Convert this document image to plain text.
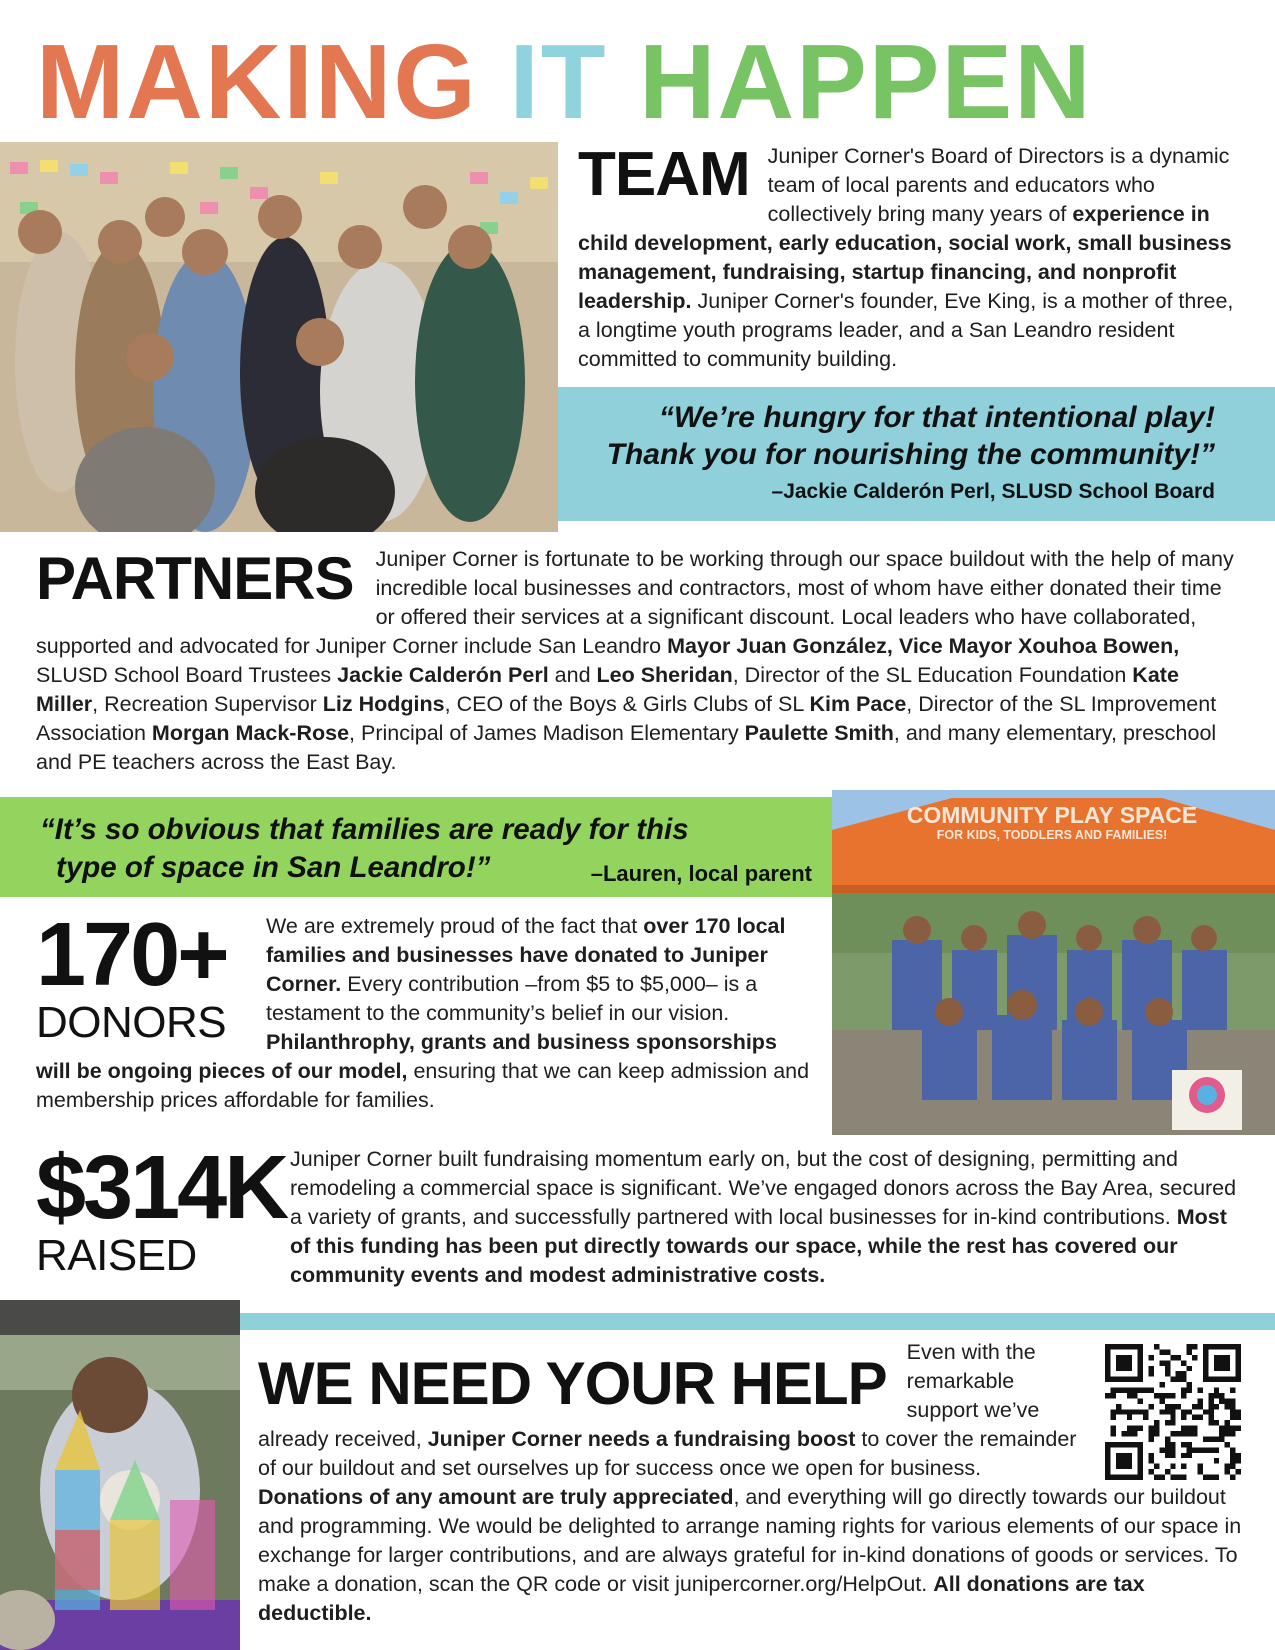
MAKING IT HAPPEN
TEAM Juniper Corner's Board of Directors is a dynamic team of local parents and educators who collectively bring many years of experience in child development, early education, social work, small business management, fundraising, startup financing, and nonprofit leadership. Juniper Corner's founder, Eve King, is a mother of three, a longtime youth programs leader, and a San Leandro resident committed to community building.
“We’re hungry for that intentional play!
Thank you for nourishing the community!”
–Jackie Calderón Perl, SLUSD School Board
PARTNERS Juniper Corner is fortunate to be working through our space buildout with the help of many incredible local businesses and contractors, most of whom have either donated their time or offered their services at a significant discount. Local leaders who have collaborated, supported and advocated for Juniper Corner include San Leandro Mayor Juan González, Vice Mayor Xouhoa Bowen, SLUSD School Board Trustees Jackie Calderón Perl and Leo Sheridan, Director of the SL Education Foundation Kate Miller, Recreation Supervisor Liz Hodgins, CEO of the Boys & Girls Clubs of SL Kim Pace, Director of the SL Improvement Association Morgan Mack-Rose, Principal of James Madison Elementary Paulette Smith, and many elementary, preschool and PE teachers across the East Bay.
“It’s so obvious that families are ready for this
type of space in San Leandro!”	–Lauren, local parent
COMMUNITY PLAY SPACE
FOR KIDS, TODDLERS AND FAMILIES!
170+
DONORS
We are extremely proud of the fact that over 170 local families and businesses have donated to Juniper Corner. Every contribution –from $5 to $5,000– is a testament to the community’s belief in our vision. Philanthrophy, grants and business sponsorships will be ongoing pieces of our model, ensuring that we can keep admission and membership prices affordable for families.
$314K
RAISED
Juniper Corner built fundraising momentum early on, but the cost of designing, permitting and remodeling a commercial space is significant. We’ve engaged donors across the Bay Area, secured a variety of grants, and successfully partnered with local businesses for in-kind contributions. Most of this funding has been put directly towards our space, while the rest has covered our community events and modest administrative costs.
WE NEED YOUR HELP Even with the remarkable support we’ve already received, Juniper Corner needs a fundraising boost to cover the remainder of our buildout and set ourselves up for success once we open for business. Donations of any amount are truly appreciated, and everything will go directly towards our buildout and programming. We would be delighted to arrange naming rights for various elements of our space in exchange for larger contributions, and are always grateful for in-kind donations of goods or services. To make a donation, scan the QR code or visit junipercorner.org/HelpOut. All donations are tax deductible.
